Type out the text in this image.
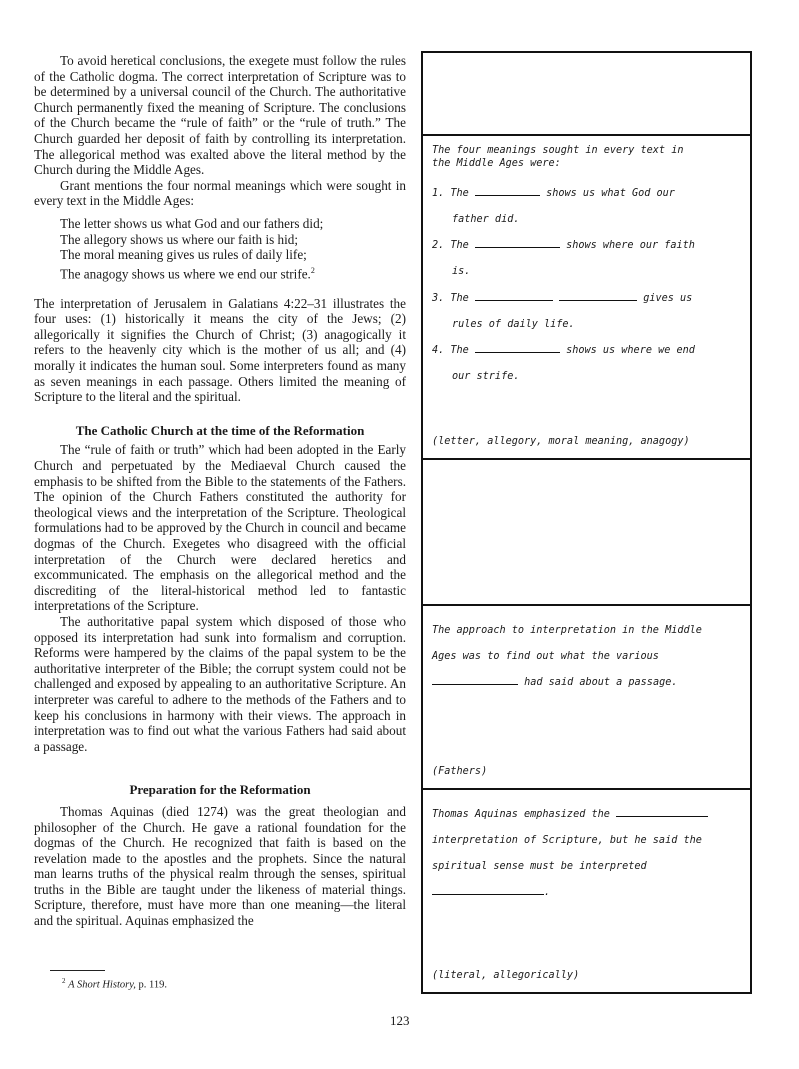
To avoid heretical conclusions, the exegete must follow the rules of the Catholic dogma. The correct interpretation of Scripture was to be determined by a universal council of the Church. The authoritative Church permanently fixed the meaning of Scripture. The conclusions of the Church became the “rule of faith” or the “rule of truth.” The Church guarded her deposit of faith by controlling its interpretation. The allegorical method was exalted above the literal method by the Church during the Middle Ages.

Grant mentions the four normal meanings which were sought in every text in the Middle Ages:

The letter shows us what God and our fathers did;
The allegory shows us where our faith is hid;
The moral meaning gives us rules of daily life;
The anagogy shows us where we end our strife.$^2$

The interpretation of Jerusalem in Galatians 4:22–31 illustrates the four uses: (1) historically it means the city of the Jews; (2) allegorically it signifies the Church of Christ; (3) anagogically it refers to the heavenly city which is the mother of us all; and (4) morally it indicates the human soul. Some interpreters found as many as seven meanings in each passage. Others limited the meaning of Scripture to the literal and the spiritual.

The Catholic Church at the time of the Reformation

The “rule of faith or truth” which had been adopted in the Early Church and perpetuated by the Mediaeval Church caused the emphasis to be shifted from the Bible to the statements of the Fathers. The opinion of the Church Fathers constituted the authority for theological views and the interpretation of the Scripture. Theological formulations had to be approved by the Church in council and became dogmas of the Church. Exegetes who disagreed with the official interpretation of the Church were declared heretics and excommunicated. The emphasis on the allegorical method and the discrediting of the literal-historical method led to fantastic interpretations of the Scripture.

The authoritative papal system which disposed of those who opposed its interpretation had sunk into formalism and corruption. Reforms were hampered by the claims of the papal system to be the authoritative interpreter of the Bible; the corrupt system could not be challenged and exposed by appealing to an authoritative Scripture. An interpreter was careful to adhere to the methods of the Fathers and to keep his conclusions in harmony with their views. The approach in interpretation was to find out what the various Fathers had said about a passage.

Preparation for the Reformation

Thomas Aquinas (died 1274) was the great theologian and philosopher of the Church. He gave a rational foundation for the dogmas of the Church. He recognized that faith is based on the revelation made to the apostles and the prophets. Since the natural man learns truths of the physical realm through the senses, spiritual truths in the Bible are taught under the likeness of material things. Scripture, therefore, must have more than one meaning—the literal and the spiritual. Aquinas emphasized the

$^2$ A Short History, p. 119.
123
The four meanings sought in every text in
the Middle Ages were:
1. The	shows us what God our
father did.
2. The	shows where our faith
is.
3. The	gives us
rules of daily life.
4. The	shows us where we end
our strife.
(letter, allegory, moral meaning, anagogy)
The approach to interpretation in the Middle
Ages was to find out what the various
had said about a passage.
(Fathers)
Thomas Aquinas emphasized the
interpretation of Scripture, but he said the
spiritual sense must be interpreted
.
(literal, allegorically)
